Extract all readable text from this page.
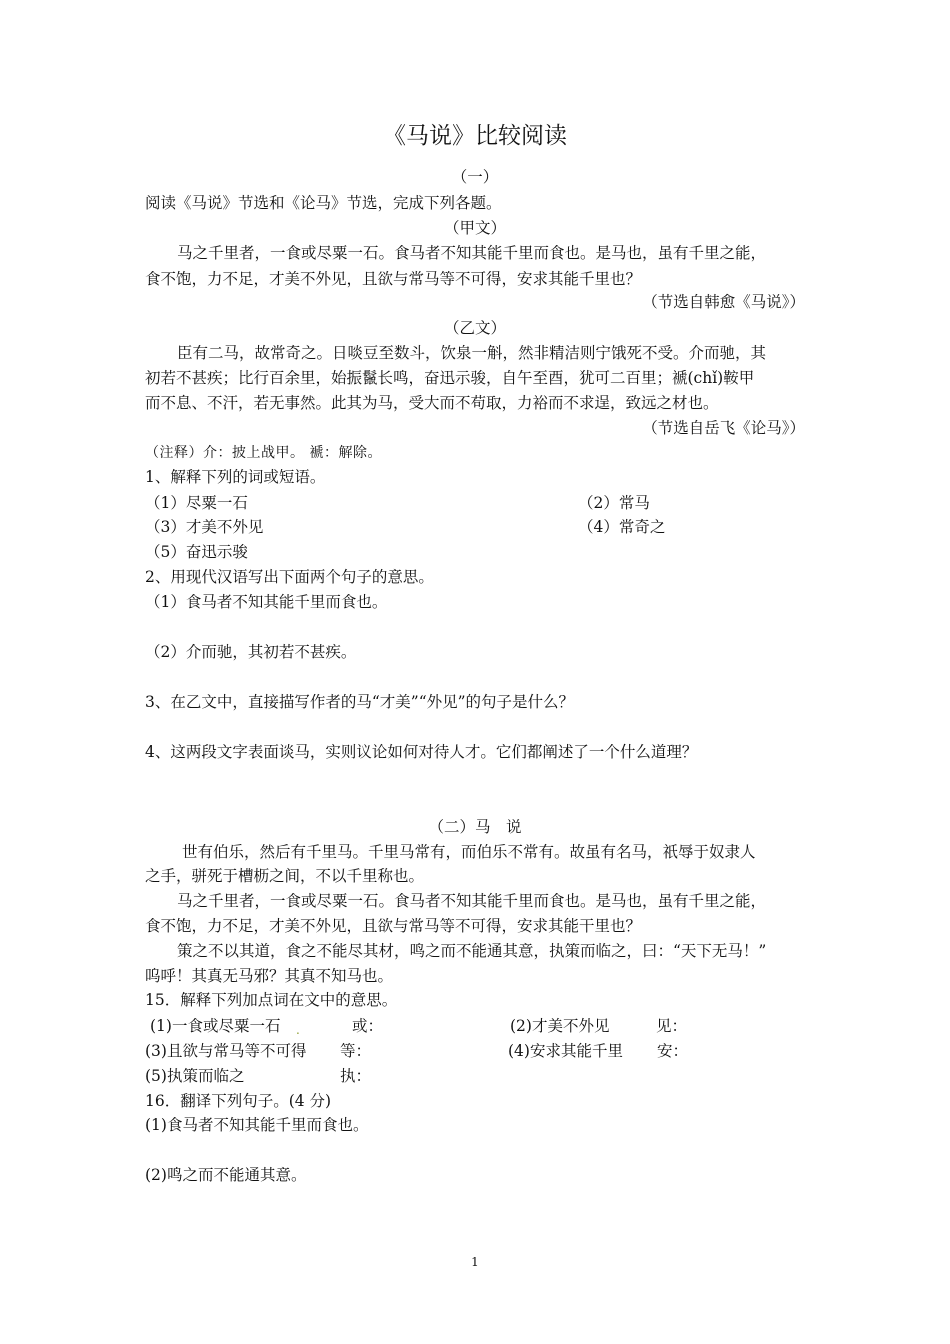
《马说》比较阅读
（一）
阅读《马说》节选和《论马》节选，完成下列各题。
（甲文）
马之千里者，一食或尽粟一石。食马者不知其能千里而食也。是马也，虽有千里之能，
食不饱，力不足，才美不外见，且欲与常马等不可得，安求其能千里也？
（节选自韩愈《马说》）
（乙文）
臣有二马，故常奇之。日啖豆至数斗，饮泉一斛，然非精洁则宁饿死不受。介而驰，其
初若不甚疾；比行百余里，始振鬣长鸣，奋迅示骏，自午至酉，犹可二百里；褫(chǐ)鞍甲
而不息、不汗，若无事然。此其为马，受大而不苟取，力裕而不求逞，致远之材也。
（节选自岳飞《论马》）
（注释）介：披上战甲。 褫：解除。
1、解释下列的词或短语。
（1）尽粟一石	（2）常马
（3）才美不外见	（4）常奇之
（5）奋迅示骏
2、用现代汉语写出下面两个句子的意思。
（1）食马者不知其能千里而食也。
（2）介而驰，其初若不甚疾。
3、在乙文中，直接描写作者的马“才美”“外见”的句子是什么？
4、这两段文字表面谈马，实则议论如何对待人才。它们都阐述了一个什么道理？
（二）马　说
世有伯乐，然后有千里马。千里马常有，而伯乐不常有。故虽有名马，祇辱于奴隶人
之手，骈死于槽枥之间，不以千里称也。
马之千里者，一食或尽粟一石。食马者不知其能千里而食也。是马也，虽有千里之能，
食不饱，力不足，才美不外见，且欲与常马等不可得，安求其能干里也？
策之不以其道，食之不能尽其材，鸣之而不能通其意，执策而临之，曰：“天下无马！”
呜呼！其真无马邪？其真不知马也。
15．解释下列加点词在文中的意思。
(1)一食或尽粟一石 .	或：	(2)才美不外见	见：
(3)且欲与常马等不可得 等：	(4)安求其能千里 安：
(5)执策而临之	执：
16．翻译下列句子。(4 分)
(1)食马者不知其能千里而食也。
(2)鸣之而不能通其意。
1
